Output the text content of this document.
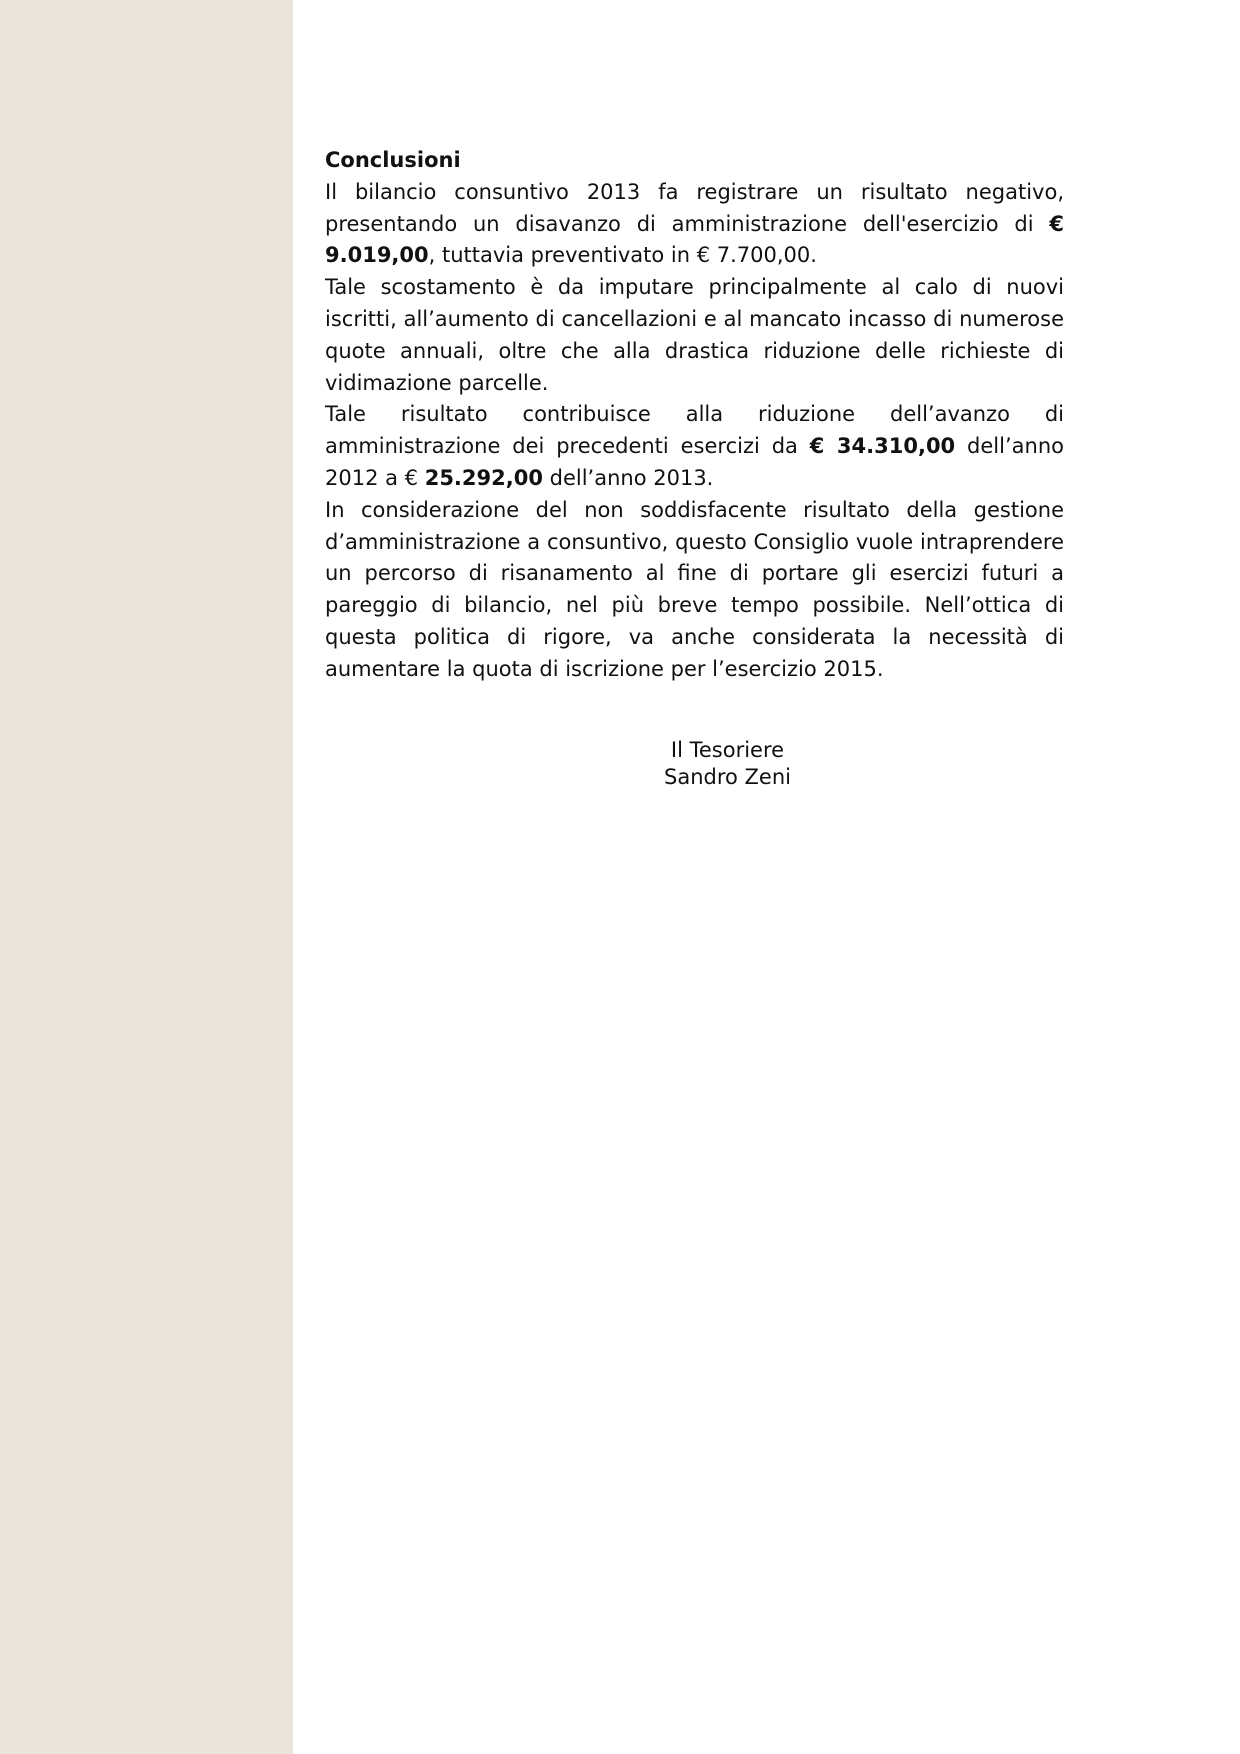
Conclusioni

Il bilancio consuntivo 2013 fa registrare un risultato negativo, presentando un disavanzo di amministrazione dell'esercizio di € 9.019,00, tuttavia preventivato in € 7.700,00.

Tale scostamento è da imputare principalmente al calo di nuovi iscritti, all’aumento di cancellazioni e al mancato incasso di numerose quote annuali, oltre che alla drastica riduzione delle richieste di vidimazione parcelle.

Tale risultato contribuisce alla riduzione dell’avanzo di amministrazione dei precedenti esercizi da € 34.310,00 dell’anno 2012 a € 25.292,00 dell’anno 2013.

In considerazione del non soddisfacente risultato della gestione d’amministrazione a consuntivo, questo Consiglio vuole intraprendere un percorso di risanamento al fine di portare gli esercizi futuri a pareggio di bilancio, nel più breve tempo possibile. Nell’ottica di questa politica di rigore, va anche considerata la necessità di aumentare la quota di iscrizione per l’esercizio 2015.

Il Tesoriere
Sandro Zeni
